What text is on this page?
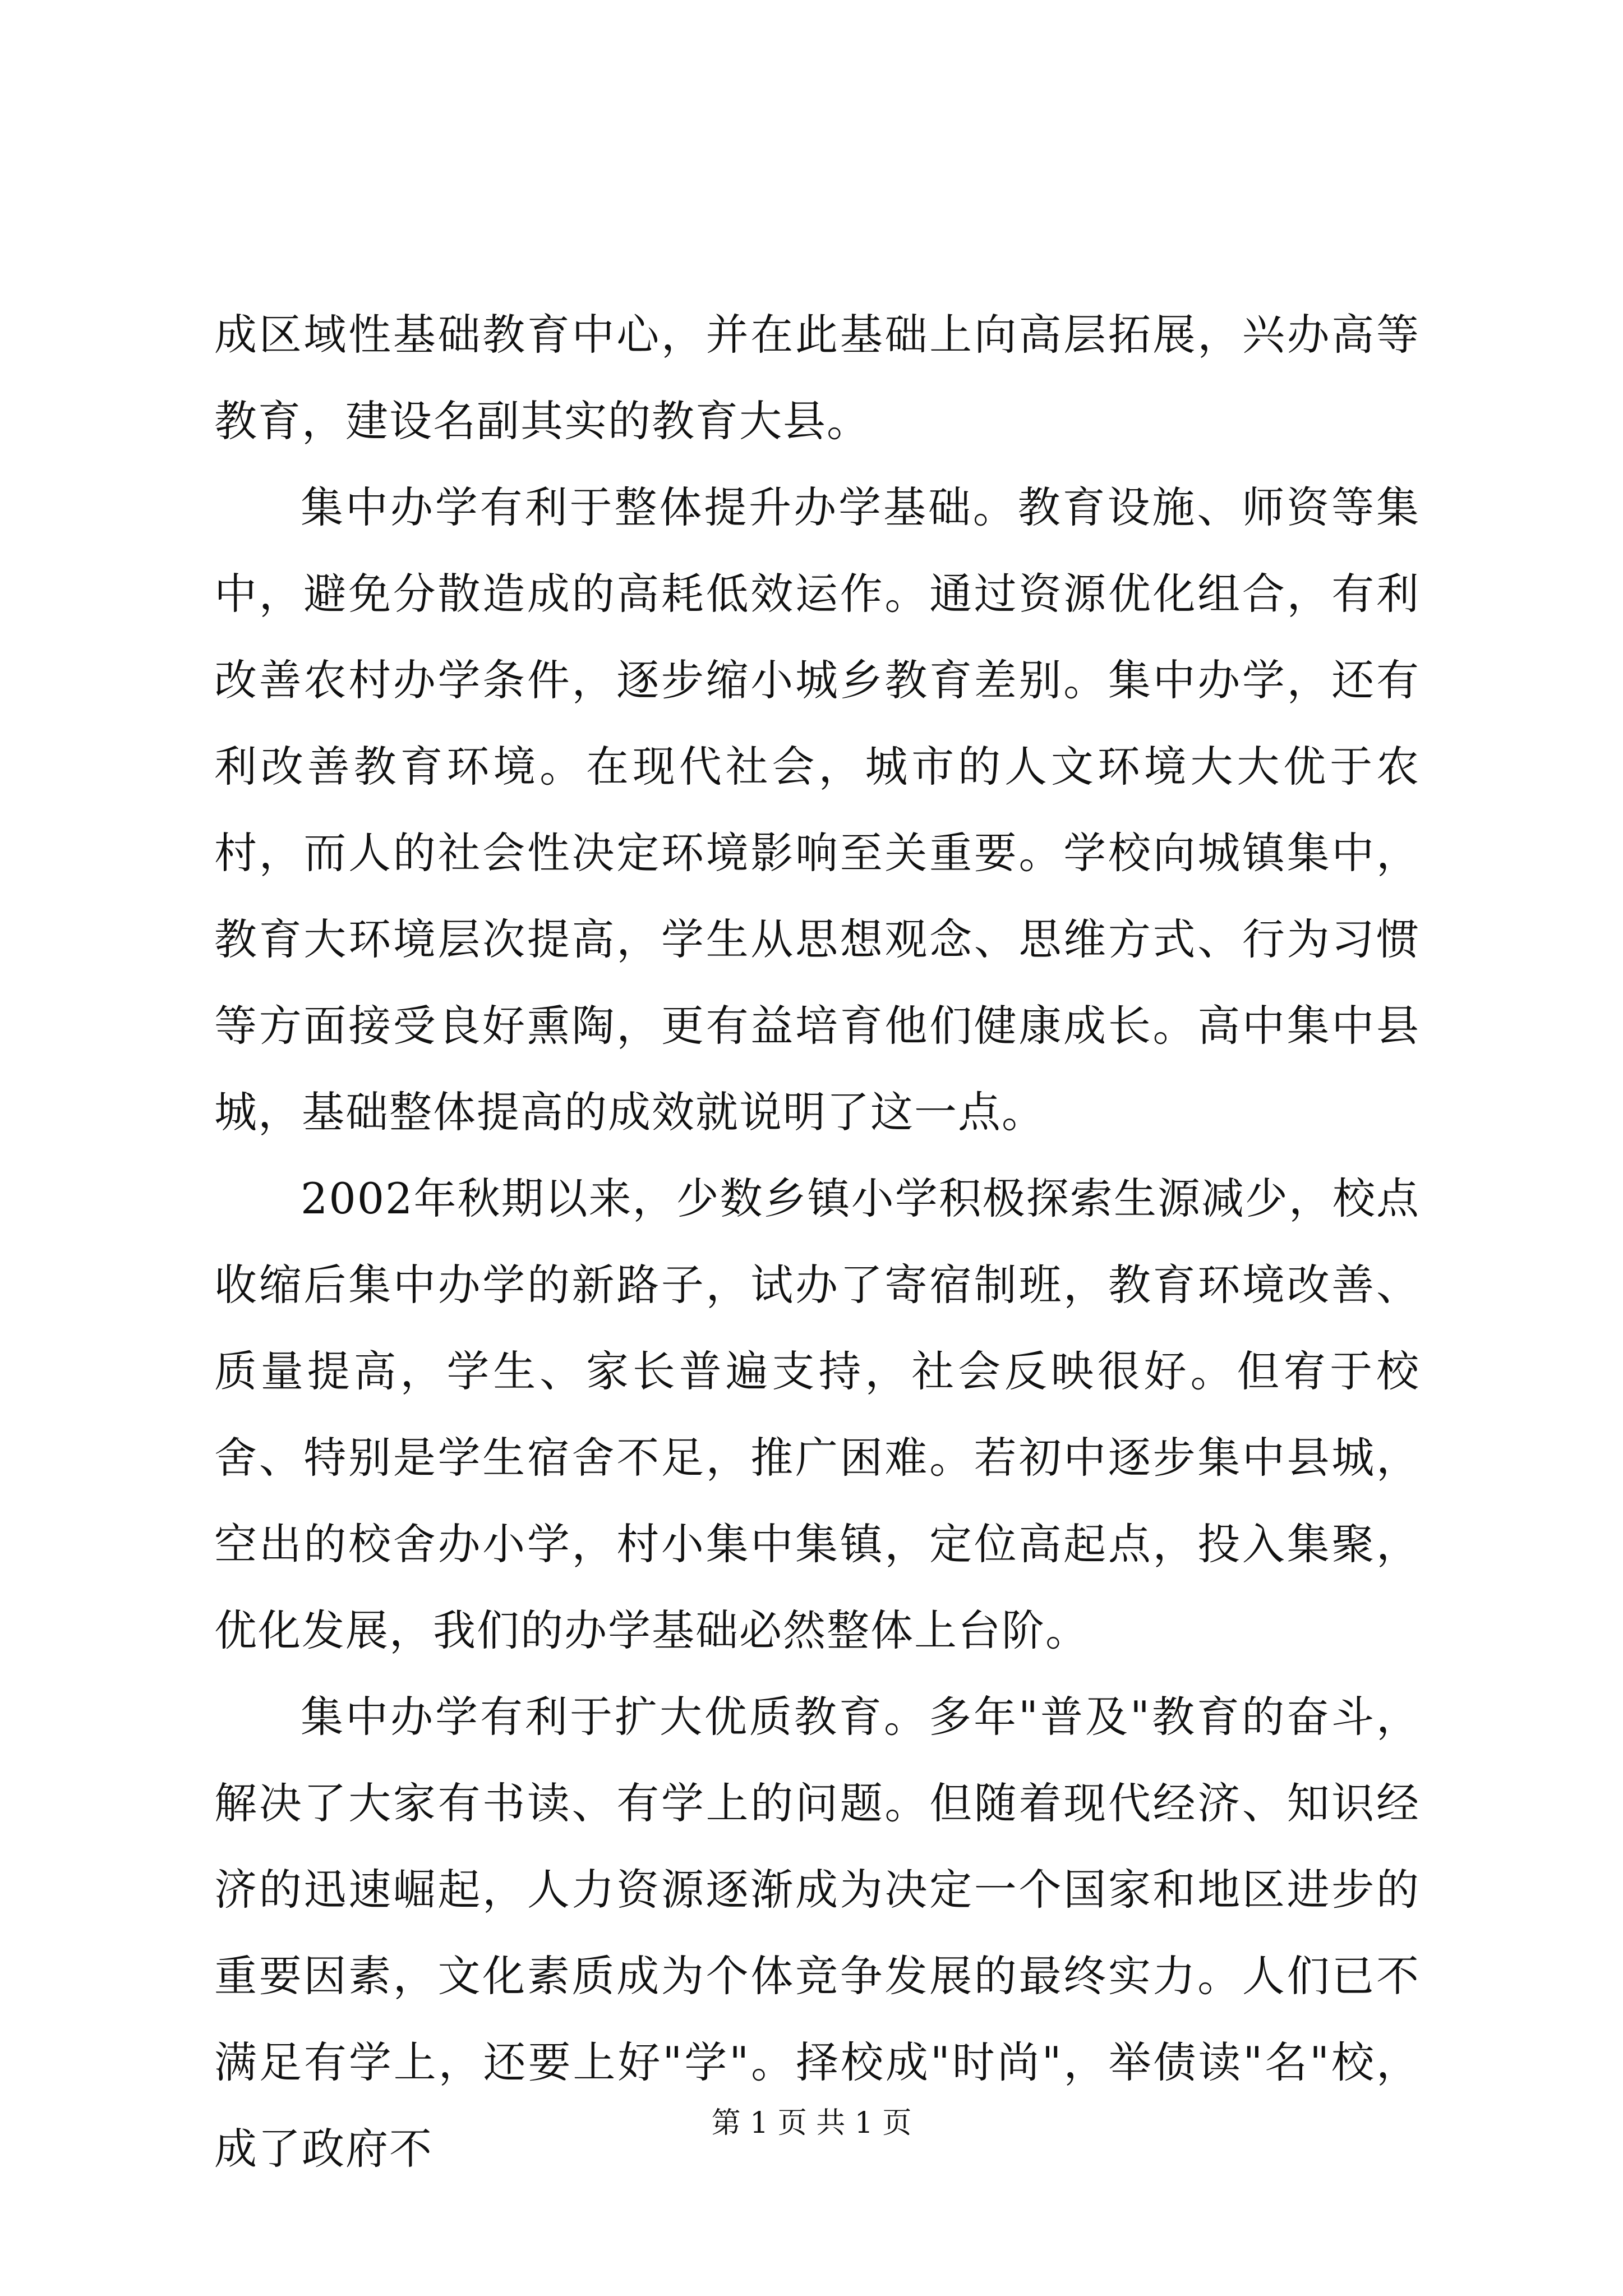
成区域性基础教育中心，并在此基础上向高层拓展，兴办高等教育，建设名副其实的教育大县。

集中办学有利于整体提升办学基础。教育设施、师资等集中，避免分散造成的高耗低效运作。通过资源优化组合，有利改善农村办学条件，逐步缩小城乡教育差别。集中办学，还有利改善教育环境。在现代社会，城市的人文环境大大优于农村，而人的社会性决定环境影响至关重要。学校向城镇集中，教育大环境层次提高，学生从思想观念、思维方式、行为习惯等方面接受良好熏陶，更有益培育他们健康成长。高中集中县城，基础整体提高的成效就说明了这一点。

2002年秋期以来，少数乡镇小学积极探索生源减少，校点收缩后集中办学的新路子，试办了寄宿制班，教育环境改善、质量提高，学生、家长普遍支持，社会反映很好。但宥于校舍、特别是学生宿舍不足，推广困难。若初中逐步集中县城，空出的校舍办小学，村小集中集镇，定位高起点，投入集聚，优化发展，我们的办学基础必然整体上台阶。

集中办学有利于扩大优质教育。多年"普及"教育的奋斗，解决了大家有书读、有学上的问题。但随着现代经济、知识经济的迅速崛起，人力资源逐渐成为决定一个国家和地区进步的重要因素，文化素质成为个体竞争发展的最终实力。人们已不满足有学上，还要上好"学"。择校成"时尚"，举债读"名"校，成了政府不

第 1 页 共 1 页
